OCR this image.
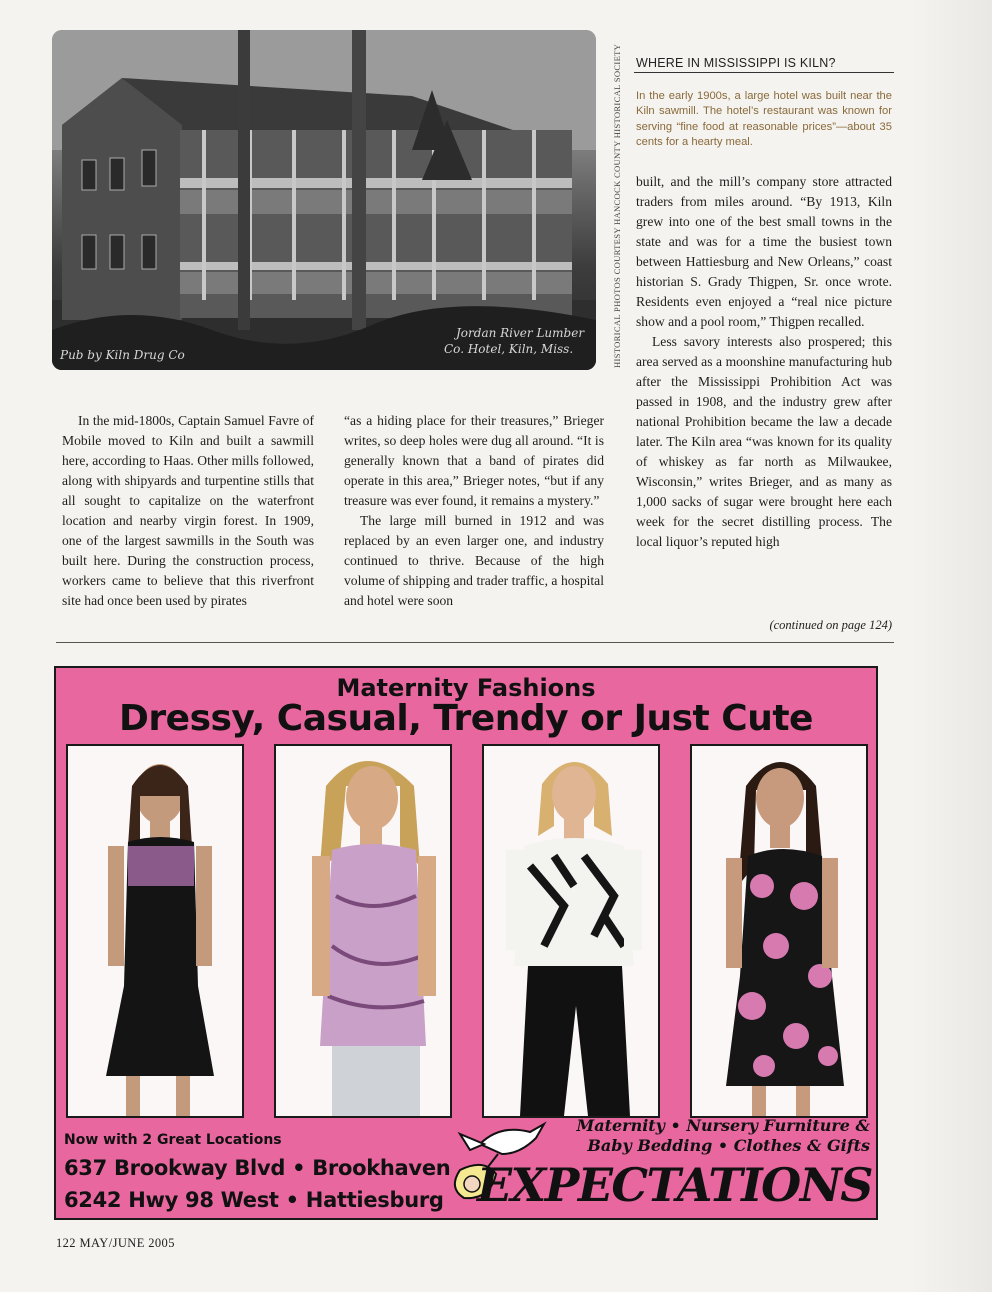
Pub by Kiln Drug Co
Jordan River Lumber
Co. Hotel, Kiln, Miss.	HISTORICAL PHOTOS COURTESY HANCOCK COUNTY HISTORICAL SOCIETY WHERE IN MISSISSIPPI IS KILN?
In the early 1900s, a large hotel was built near the Kiln sawmill. The hotel’s restaurant was known for serving “fine food at reasonable prices”—about 35 cents for a hearty meal.

In the mid-1800s, Captain Samuel Favre of Mobile moved to Kiln and built a sawmill here, according to Haas. Other mills followed, along with shipyards and turpentine stills that all sought to capitalize on the waterfront location and nearby virgin forest. In 1909, one of the largest sawmills in the South was built here. During the construction process, workers came to believe that this riverfront site had once been used by pirates

“as a hiding place for their treasures,” Brieger writes, so deep holes were dug all around. “It is generally known that a band of pirates did operate in this area,” Brieger notes, “but if any treasure was ever found, it remains a mystery.”

The large mill burned in 1912 and was replaced by an even larger one, and industry continued to thrive. Because of the high volume of shipping and trader traffic, a hospital and hotel were soon

built, and the mill’s company store attracted traders from miles around. “By 1913, Kiln grew into one of the best small towns in the state and was for a time the busiest town between Hattiesburg and New Orleans,” coast historian S. Grady Thigpen, Sr. once wrote. Residents even enjoyed a “real nice picture show and a pool room,” Thigpen recalled.

Less savory interests also prospered; this area served as a moonshine manufacturing hub after the Mississippi Prohibition Act was passed in 1908, and the industry grew after national Prohibition became the law a decade later. The Kiln area “was known for its quality of whiskey as far north as Milwaukee, Wisconsin,” writes Brieger, and as many as 1,000 sacks of sugar were brought here each week for the secret distilling process. The local liquor’s reputed high

(continued on page 124)
Maternity Fashions
Dressy, Casual, Trendy or Just Cute
Now with 2 Great Locations
637 Brookway Blvd • Brookhaven
6242 Hwy 98 West • Hattiesburg
Maternity • Nursery Furniture &
Baby Bedding • Clothes & Gifts
EXPECTATIONS
122 MAY/JUNE 2005
